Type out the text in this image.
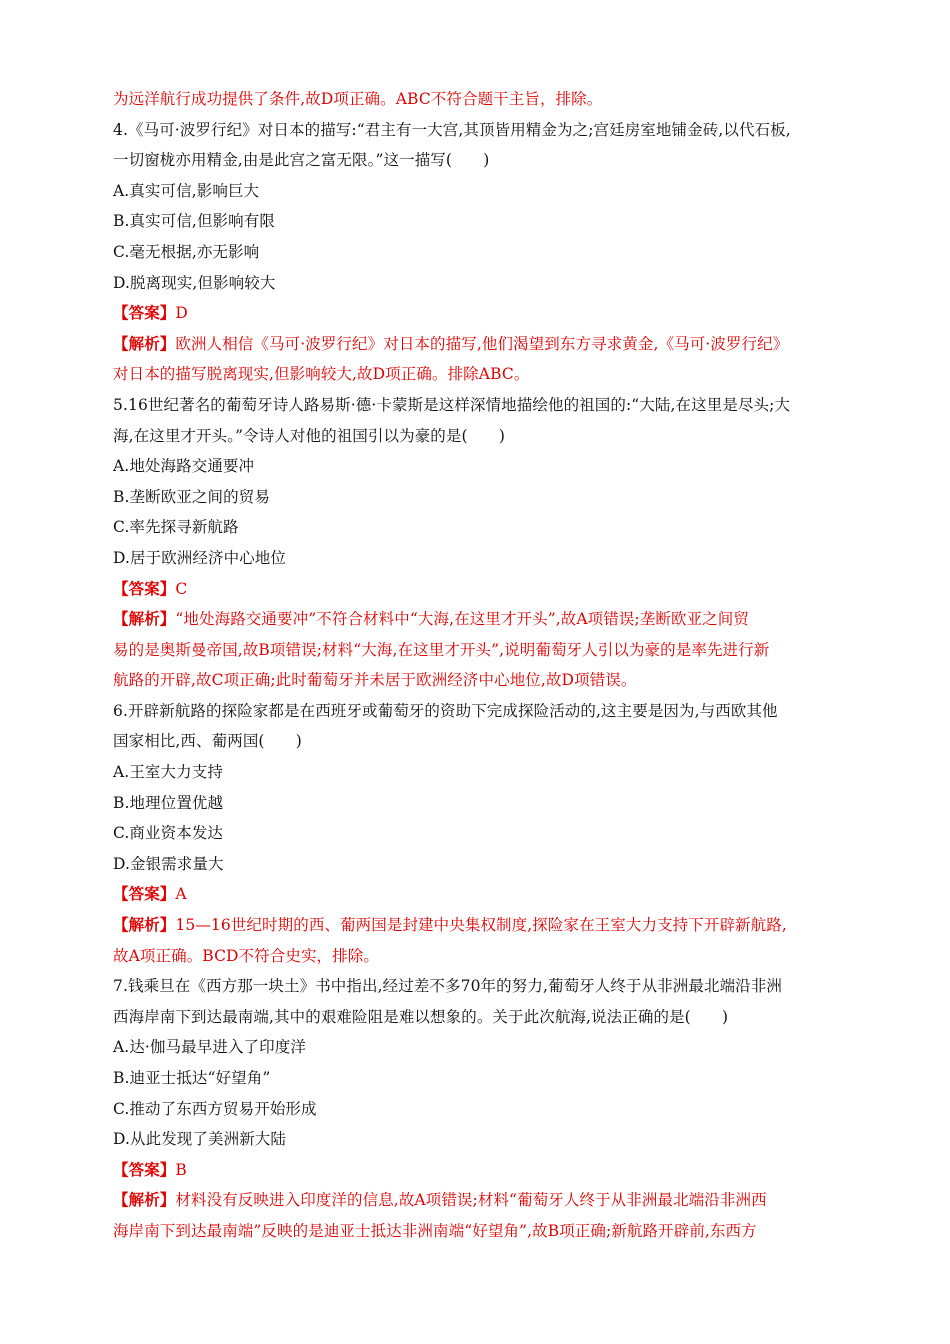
为远洋航行成功提供了条件,故D项正确。ABC不符合题干主旨，排除。
4.《马可·波罗行纪》对日本的描写:“君主有一大宫,其顶皆用精金为之;宫廷房室地铺金砖,以代石板,
一切窗栊亦用精金,由是此宫之富无限。”这一描写(　　)
A.真实可信,影响巨大
B.真实可信,但影响有限
C.毫无根据,亦无影响
D.脱离现实,但影响较大
【答案】D
【解析】欧洲人相信《马可·波罗行纪》对日本的描写,他们渴望到东方寻求黄金,《马可·波罗行纪》
对日本的描写脱离现实,但影响较大,故D项正确。排除ABC。
5.16世纪著名的葡萄牙诗人路易斯·德·卡蒙斯是这样深情地描绘他的祖国的:“大陆,在这里是尽头;大
海,在这里才开头。”令诗人对他的祖国引以为豪的是(　　)
A.地处海路交通要冲
B.垄断欧亚之间的贸易
C.率先探寻新航路
D.居于欧洲经济中心地位
【答案】C
【解析】“地处海路交通要冲”不符合材料中“大海,在这里才开头”,故A项错误;垄断欧亚之间贸
易的是奥斯曼帝国,故B项错误;材料“大海,在这里才开头”,说明葡萄牙人引以为豪的是率先进行新
航路的开辟,故C项正确;此时葡萄牙并未居于欧洲经济中心地位,故D项错误。
6.开辟新航路的探险家都是在西班牙或葡萄牙的资助下完成探险活动的,这主要是因为,与西欧其他
国家相比,西、葡两国(　　)
A.王室大力支持
B.地理位置优越
C.商业资本发达
D.金银需求量大
【答案】A
【解析】15—16世纪时期的西、葡两国是封建中央集权制度,探险家在王室大力支持下开辟新航路,
故A项正确。BCD不符合史实，排除。
7.钱乘旦在《西方那一块土》书中指出,经过差不多70年的努力,葡萄牙人终于从非洲最北端沿非洲
西海岸南下到达最南端,其中的艰难险阻是难以想象的。关于此次航海,说法正确的是(　　)
A.达·伽马最早进入了印度洋
B.迪亚士抵达“好望角”
C.推动了东西方贸易开始形成
D.从此发现了美洲新大陆
【答案】B
【解析】材料没有反映进入印度洋的信息,故A项错误;材料“葡萄牙人终于从非洲最北端沿非洲西
海岸南下到达最南端”反映的是迪亚士抵达非洲南端“好望角”,故B项正确;新航路开辟前,东西方
